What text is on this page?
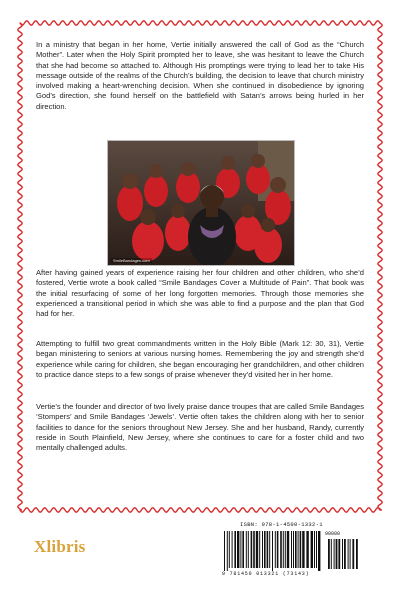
In a ministry that began in her home, Vertie initially answered the call of God as the “Church Mother”. Later when the Holy Spirit prompted her to leave, she was hesitant to leave the Church that she had become so attached to. Although His promptings were trying to lead her to take His message outside of the realms of the Church’s building, the decision to leave that church ministry involved making a heart-wrenching decision. When she continued in disobedience by ignoring God’s direction, she found herself on the battlefield with Satan’s arrows being hurled in her direction.

SmileBandages.com

After having gained years of experience raising her four children and other children, who she’d fostered, Vertie wrote a book called “Smile Bandages Cover a Multitude of Pain”. That book was the initial resurfacing of some of her long forgotten memories. Through those memories she experienced a transitional period in which she was able to find a purpose and the plan that God had for her.

Attempting to fulfill two great commandments written in the Holy Bible (Mark 12: 30, 31), Vertie began ministering to seniors at various nursing homes. Remembering the joy and strength she’d experience while caring for children, she began encouraging her grandchildren, and other children to practice dance steps to a few songs of praise whenever they’d visited her in her home.

Vertie’s the founder and director of two lively praise dance troupes that are called Smile Bandages ‘Stompers’ and Smile Bandages ‘Jewels’. Vertie often takes the children along with her to senior facilities to dance for the seniors throughout New Jersey. She and her husband, Randy, currently reside in South Plainfield, New Jersey, where she continues to care for a foster child and two mentally challenged adults.

ISBN: 978-1-4500-1332-1
90000
9 781450 013321 (73143)
Xlibris
